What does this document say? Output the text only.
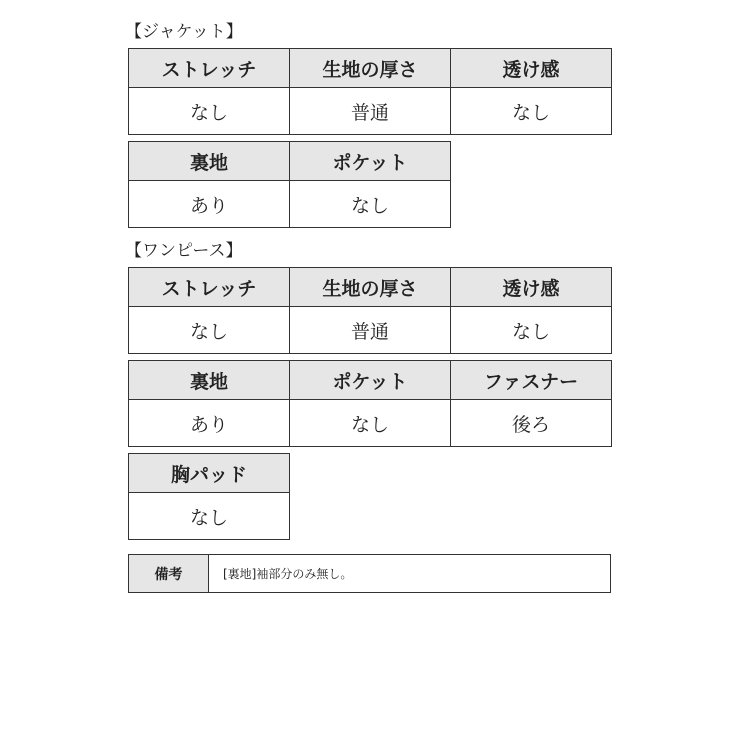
【ジャケット】
ストレッチ	生地の厚さ	透け感
なし	普通	なし
裏地	ポケット
あり	なし
【ワンピース】
ストレッチ	生地の厚さ	透け感
なし	普通	なし
裏地	ポケット	ファスナー
あり	なし	後ろ
胸パッド
なし
備考	[裏地]袖部分のみ無し。
